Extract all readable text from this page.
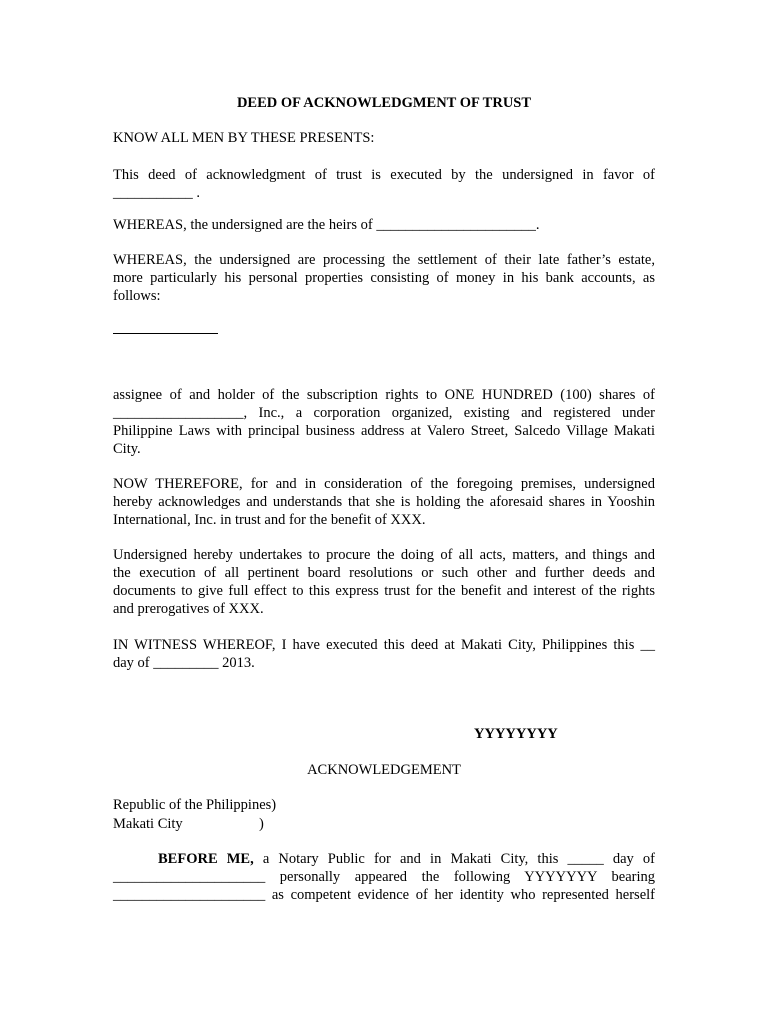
DEED OF ACKNOWLEDGMENT OF TRUST
KNOW ALL MEN BY THESE PRESENTS:
This deed of acknowledgment of trust is executed by the undersigned in favor of
___________ .
WHEREAS, the undersigned are the heirs of ______________________.
WHEREAS, the undersigned are processing the settlement of their late father’s estate,
more particularly his personal properties consisting of money in his bank accounts, as
follows:
assignee of and holder of the subscription rights to ONE HUNDRED (100) shares of
__________________, Inc., a corporation organized, existing and registered under
Philippine Laws with principal business address at Valero Street, Salcedo Village Makati
City.
NOW THEREFORE, for and in consideration of the foregoing premises, undersigned
hereby acknowledges and understands that she is holding the aforesaid shares in Yooshin
International, Inc. in trust and for the benefit of XXX.
Undersigned hereby undertakes to procure the doing of all acts, matters, and things and
the execution of all pertinent board resolutions or such other and further deeds and
documents to give full effect to this express trust for the benefit and interest of the rights
and prerogatives of XXX.
IN WITNESS WHEREOF, I have executed this deed at Makati City, Philippines this __
day of _________ 2013.
YYYYYYYY
ACKNOWLEDGEMENT
Republic of the Philippines)
Makati City	)
BEFORE ME, a Notary Public for and in Makati City, this _____ day of
_____________________ personally appeared the following YYYYYYY bearing
_____________________ as competent evidence of her identity who represented herself
